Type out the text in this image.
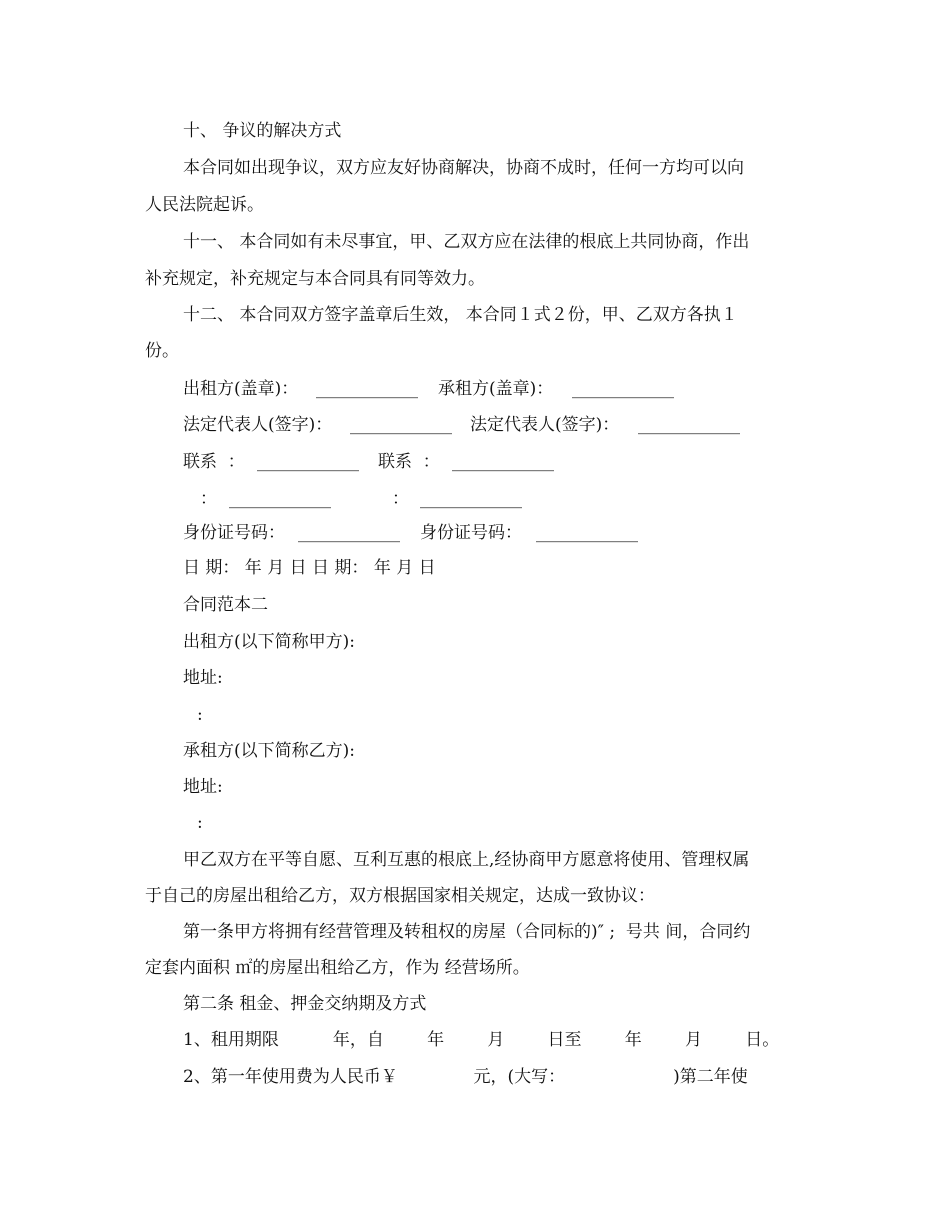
十、 争议的解决方式
本合同如出现争议，双方应友好协商解决，协商不成时，任何一方均可以向
人民法院起诉。
十一、 本合同如有未尽事宜，甲、乙双方应在法律的根底上共同协商，作出
补充规定，补充规定与本合同具有同等效力。
十二、 本合同双方签字盖章后生效， 本合同１式２份，甲、乙双方各执１
份。
出租方(盖章)： ____________ 承租方(盖章)： ____________
法定代表人(签字)： ____________ 法定代表人(签字)： ____________
联系  ： ____________ 联系  ： ____________
： ____________	： ____________
身份证号码： ____________ 身份证号码： ____________
日 期： 年 月 日 日 期： 年 月 日
合同范本二
出租方(以下简称甲方):
地址:
:
承租方(以下简称乙方):
地址:
:
甲乙双方在平等自愿、互利互惠的根底上,经协商甲方愿意将使用、管理权属
于自己的房屋出租给乙方，双方根据国家相关规定，达成一致协议：
第一条甲方将拥有经营管理及转租权的房屋（合同标的)″ ;  号共 间，合同约
定套内面积 ㎡的房屋出租给乙方，作为 经营场所。
第二条 租金、押金交纳期及方式
1、租用期限          年，自        年        月        日至        年        月        日。
2、第一年使用费为人民币￥              元，(大写：                    )第二年使
